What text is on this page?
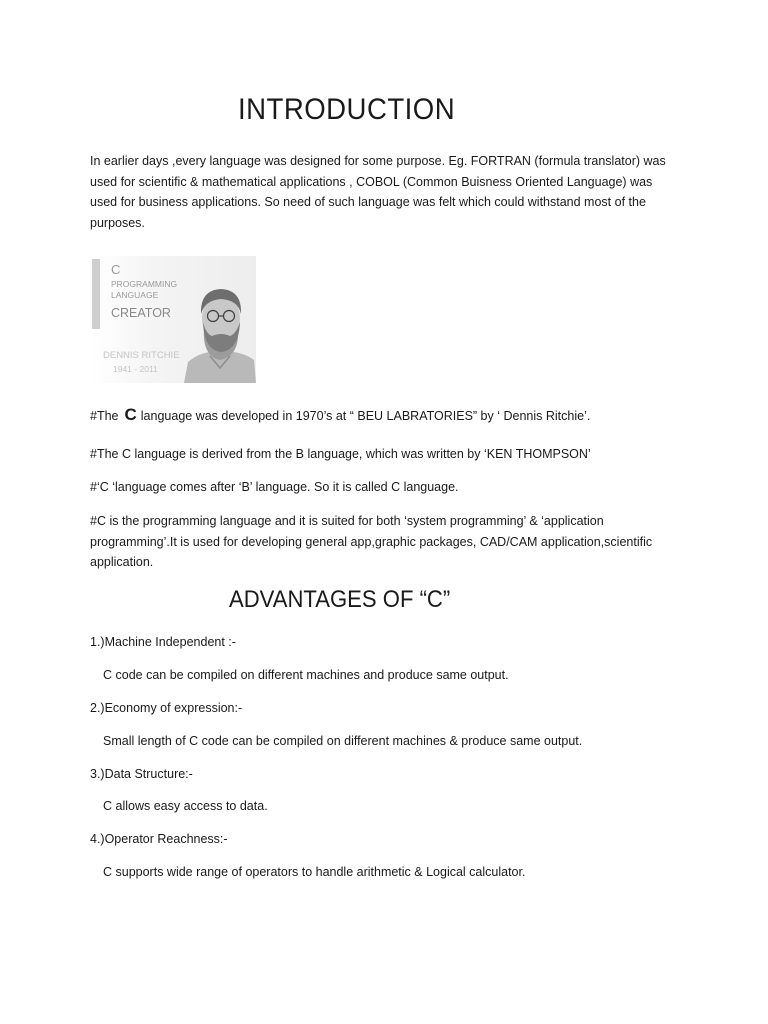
INTRODUCTION

In earlier days ,every language was designed for some purpose. Eg. FORTRAN (formula translator) was used for scientific & mathematical applications , COBOL (Common Buisness Oriented Language) was used for business applications. So need of such language was felt which could withstand most of the purposes.

C
PROGRAMMING LANGUAGE
CREATOR
DENNIS RITCHIE
1941 - 2011

#The C language was developed in 1970’s at “ BEU LABRATORIES” by ‘ Dennis Ritchie’.

#The C language is derived from the B language, which was written by ‘KEN THOMPSON’

#‘C ‘language comes after ‘B’ language. So it is called C language.

#C is the programming language and it is suited for both ‘system programming’ & ‘application programming’.It is used for developing general app,graphic packages, CAD/CAM application,scientific application.

ADVANTAGES OF “C”

1.)Machine Independent :-

C code can be compiled on different machines and produce same output.

2.)Economy of expression:-

Small length of C code can be compiled on different machines & produce same output.

3.)Data Structure:-

C allows easy access to data.

4.)Operator Reachness:-

C supports wide range of operators to handle arithmetic & Logical calculator.
